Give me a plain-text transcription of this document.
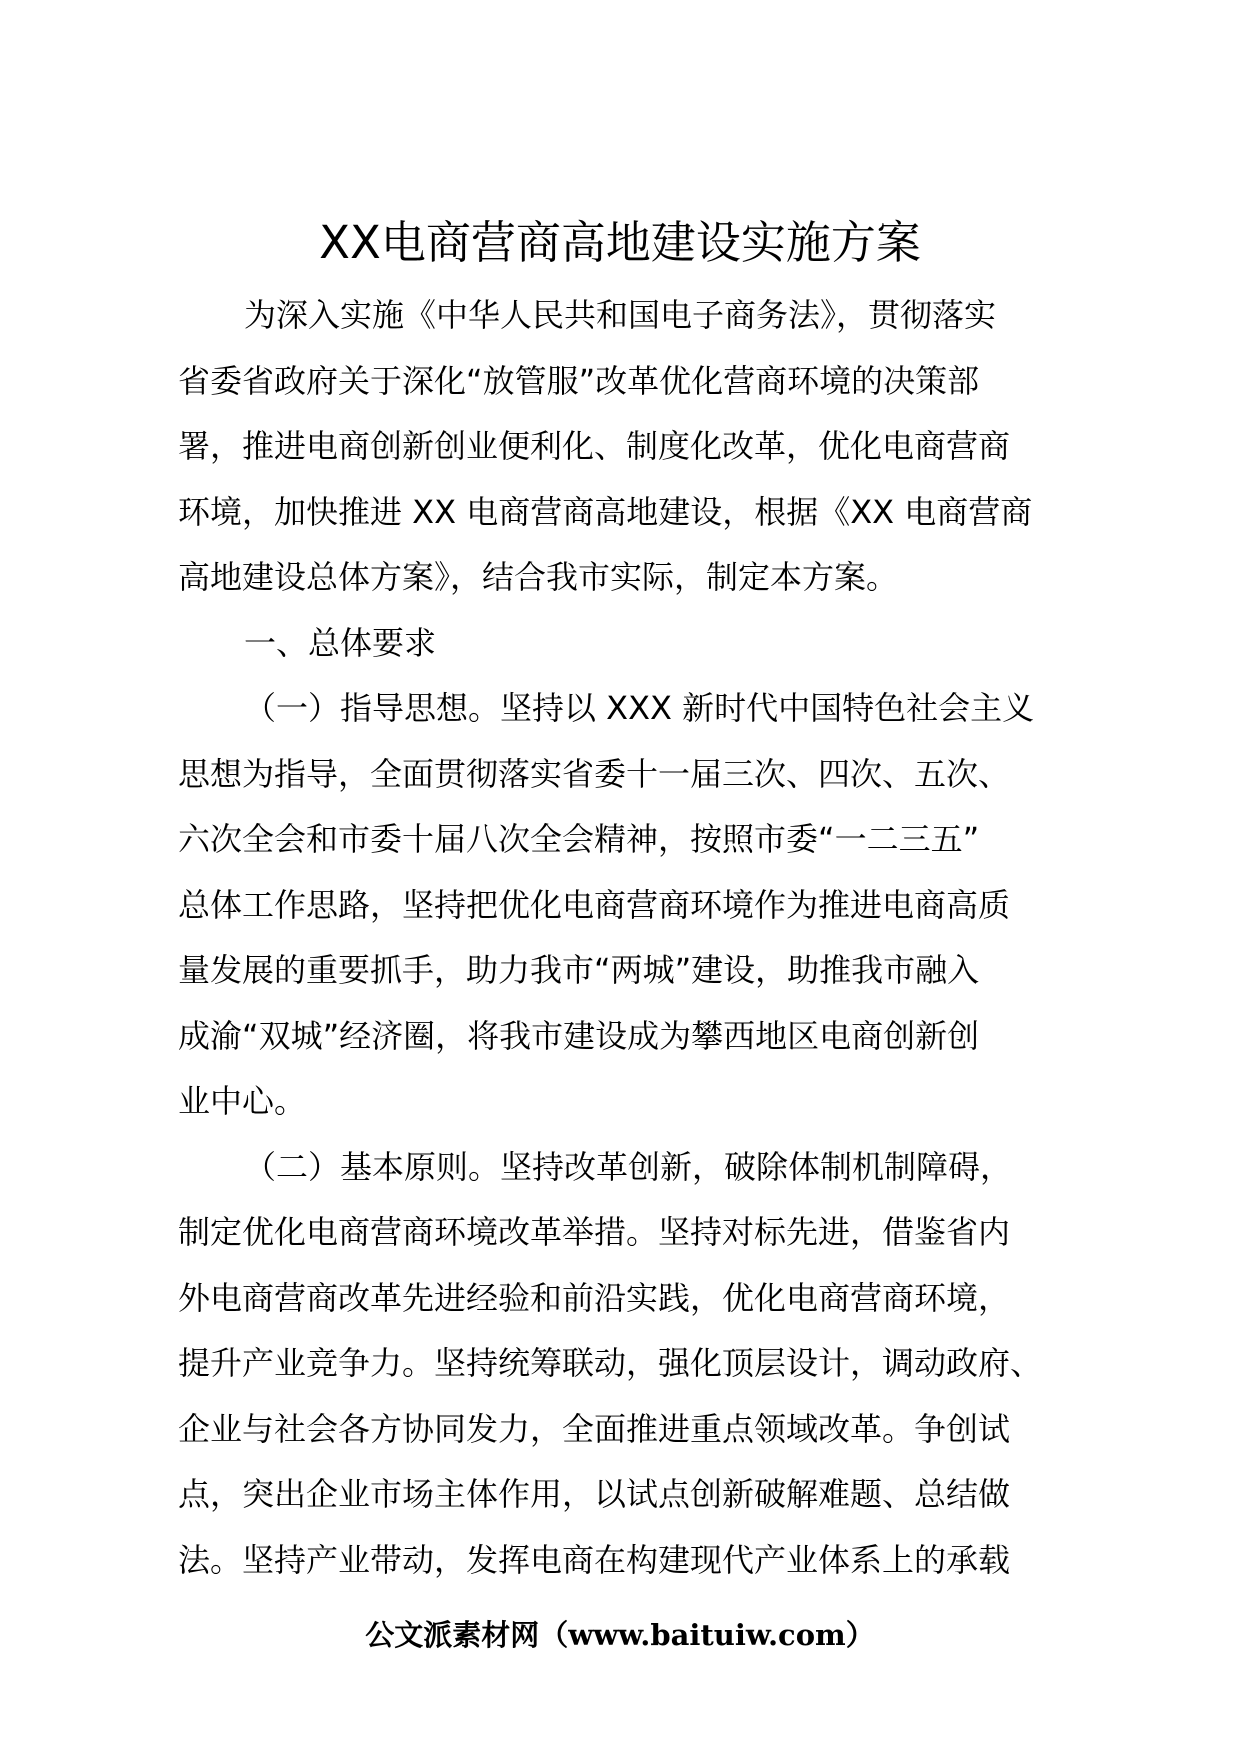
XX电商营商高地建设实施方案
为深入实施《中华人民共和国电子商务法》，贯彻落实
省委省政府关于深化“放管服”改革优化营商环境的决策部
署，推进电商创新创业便利化、制度化改革，优化电商营商
环境，加快推进 XX 电商营商高地建设，根据《XX 电商营商
高地建设总体方案》，结合我市实际，制定本方案。
一、总体要求
（一）指导思想。坚持以 XXX 新时代中国特色社会主义
思想为指导，全面贯彻落实省委十一届三次、四次、五次、
六次全会和市委十届八次全会精神，按照市委“一二三五”
总体工作思路，坚持把优化电商营商环境作为推进电商高质
量发展的重要抓手，助力我市“两城”建设，助推我市融入
成渝“双城”经济圈，将我市建设成为攀西地区电商创新创
业中心。
（二）基本原则。坚持改革创新，破除体制机制障碍，
制定优化电商营商环境改革举措。坚持对标先进，借鉴省内
外电商营商改革先进经验和前沿实践，优化电商营商环境，
提升产业竞争力。坚持统筹联动，强化顶层设计，调动政府、
企业与社会各方协同发力，全面推进重点领域改革。争创试
点，突出企业市场主体作用，以试点创新破解难题、总结做
法。坚持产业带动，发挥电商在构建现代产业体系上的承载
公文派素材网（www.baituiw.com）
